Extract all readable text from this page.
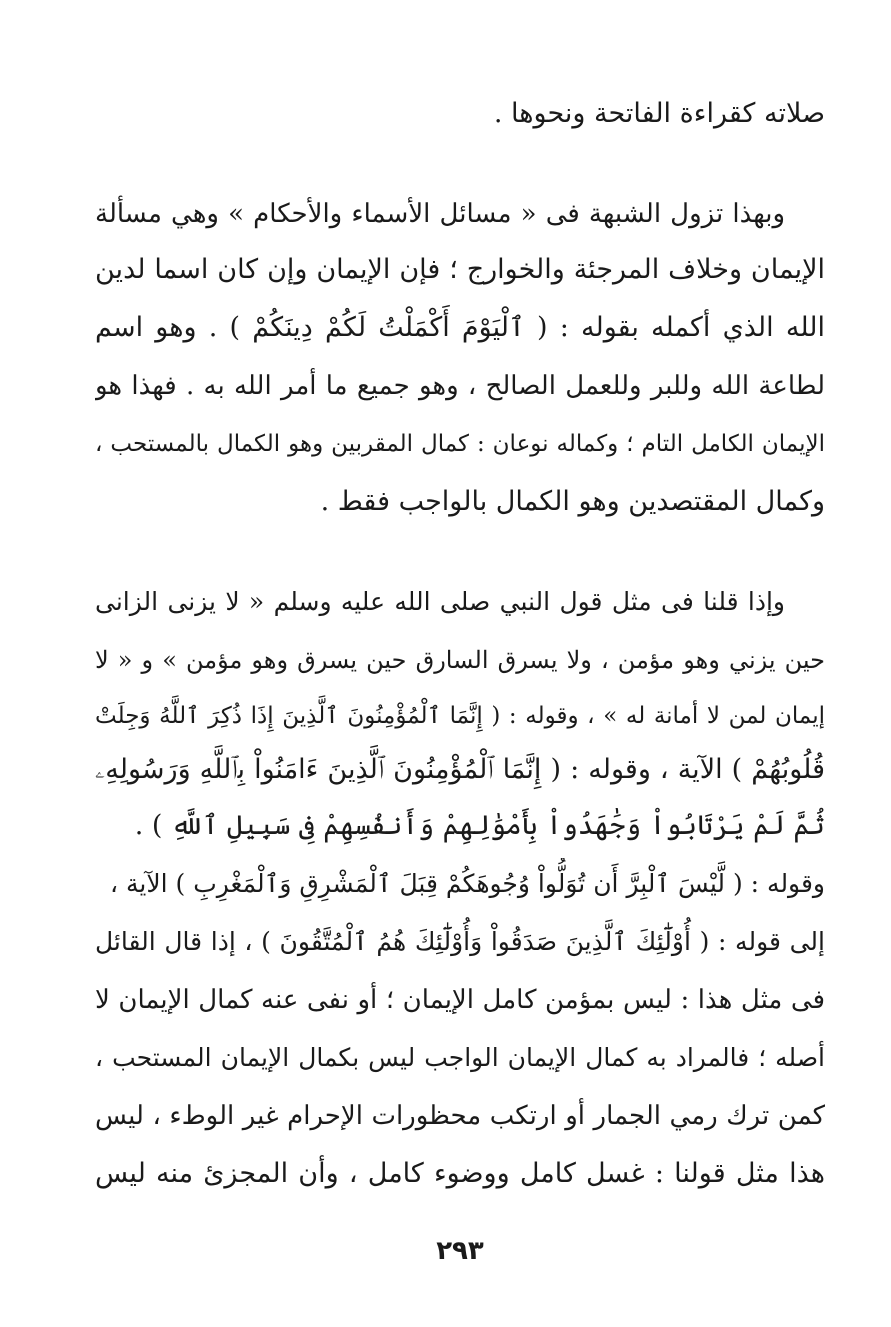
صلاته كقراءة الفاتحة ونحوها .
وبهذا تزول الشبهة فى « مسائل الأسماء والأحكام » وهي مسألة
الإيمان وخلاف المرجئة والخوارج ؛ فإن الإيمان وإن كان اسما لدين
الله الذي أكمله بقوله : ( ٱلْيَوْمَ أَكْمَلْتُ لَكُمْ دِينَكُمْ ) . وهو اسم
لطاعة الله وللبر وللعمل الصالح ، وهو جميع ما أمر الله به . فهذا هو
الإيمان الكامل التام ؛ وكماله نوعان : كمال المقربين وهو الكمال بالمستحب ،
وكمال المقتصدين وهو الكمال بالواجب فقط .
وإذا قلنا فى مثل قول النبي صلى الله عليه وسلم « لا يزنى الزانى
حين يزني وهو مؤمن ، ولا يسرق السارق حين يسرق وهو مؤمن » و « لا
إيمان لمن لا أمانة له » ، وقوله : ( إِنَّمَا ٱلْمُؤْمِنُونَ ٱلَّذِينَ إِذَا ذُكِرَ ٱللَّهُ وَجِلَتْ
قُلُوبُهُمْ ) الآية ، وقوله : ( إِنَّمَا ٱلْمُؤْمِنُونَ ٱلَّذِينَ ءَامَنُواْ بِٱللَّهِ وَرَسُولِهِۦ
ثُمَّ لَمْ يَرْتَابُواْ وَجَٰهَدُواْ بِأَمْوَٰلِهِمْ وَأَنفُسِهِمْ فِى سَبِيلِ ٱللَّهِ ) .
وقوله : ( لَّيْسَ ٱلْبِرَّ أَن تُوَلُّواْ وُجُوهَكُمْ قِبَلَ ٱلْمَشْرِقِ وَٱلْمَغْرِبِ ) الآية ،
إلى قوله : ( أُوْلَٰٓئِكَ ٱلَّذِينَ صَدَقُواْ وَأُوْلَٰٓئِكَ هُمُ ٱلْمُتَّقُونَ ) ، إذا قال القائل
فى مثل هذا : ليس بمؤمن كامل الإيمان ؛ أو نفى عنه كمال الإيمان لا
أصله ؛ فالمراد به كمال الإيمان الواجب ليس بكمال الإيمان المستحب ،
كمن ترك رمي الجمار أو ارتكب محظورات الإحرام غير الوطء ، ليس
هذا مثل قولنا : غسل كامل ووضوء كامل ، وأن المجزئ منه ليس
٢٩٣
